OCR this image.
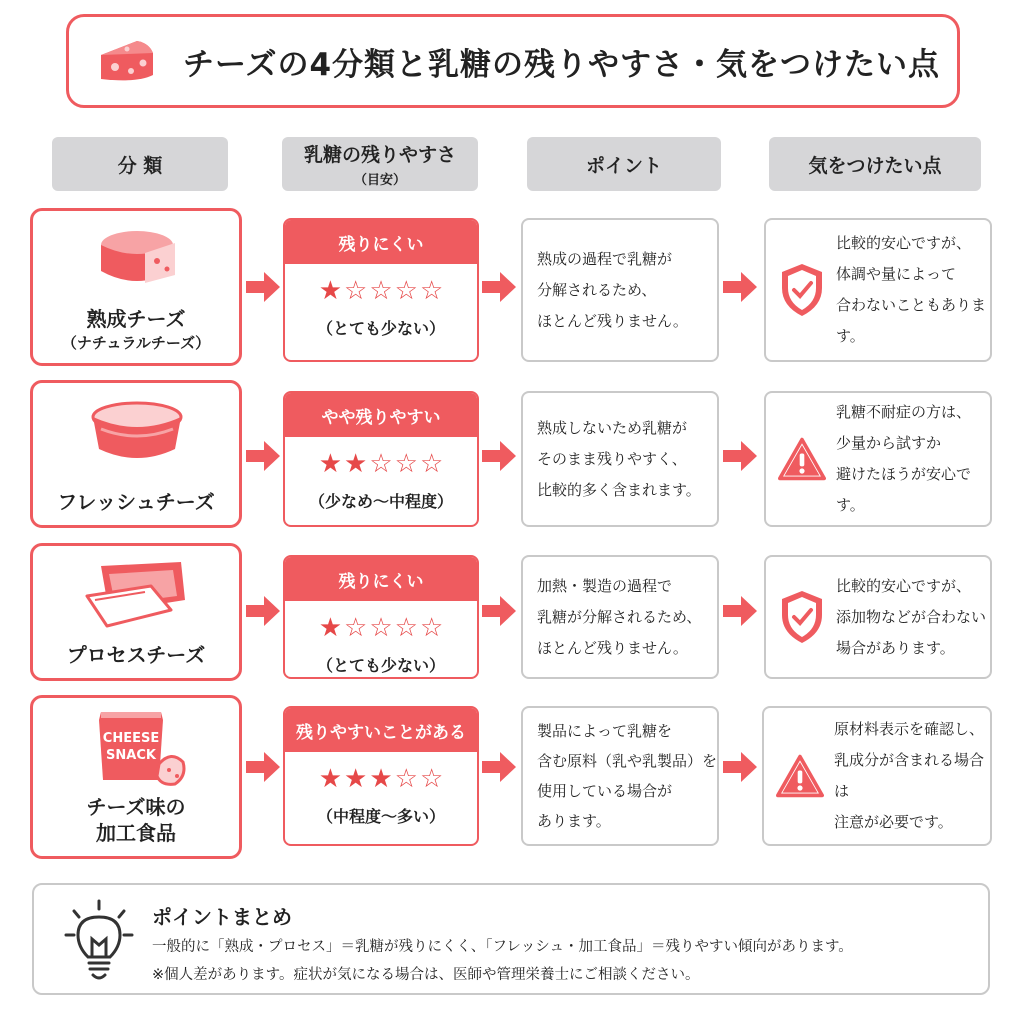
チーズの4分類と乳糖の残りやすさ・気をつけたい点
分 類	乳糖の残りやすさ
（目安）
ポイント	気をつけたい点
熟成チーズ
（ナチュラルチーズ）
残りにくい
★ ☆ ☆ ☆ ☆
（とても少ない）
熟成の過程で乳糖が
分解されるため、
ほとんど残りません。
比較的安心ですが、
体調や量によって
合わないこともあります。
フレッシュチーズ
やや残りやすい
★ ★ ☆ ☆ ☆
（少なめ～中程度）
熟成しないため乳糖が
そのまま残りやすく、
比較的多く含まれます。
乳糖不耐症の方は、
少量から試すか
避けたほうが安心です。
プロセスチーズ
残りにくい
★ ☆ ☆ ☆ ☆
（とても少ない）
加熱・製造の過程で
乳糖が分解されるため、
ほとんど残りません。
比較的安心ですが、
添加物などが合わない
場合があります。
CHEESE
SNACK
チーズ味の
加工食品
残りやすいことがある
★ ★ ★ ☆ ☆
（中程度～多い）
製品によって乳糖を
含む原料（乳や乳製品）を
使用している場合が
あります。
原材料表示を確認し、
乳成分が含まれる場合は
注意が必要です。
ポイントまとめ
一般的に「熟成・プロセス」＝乳糖が残りにくく、「フレッシュ・加工食品」＝残りやすい傾向があります。
※個人差があります。症状が気になる場合は、医師や管理栄養士にご相談ください。
